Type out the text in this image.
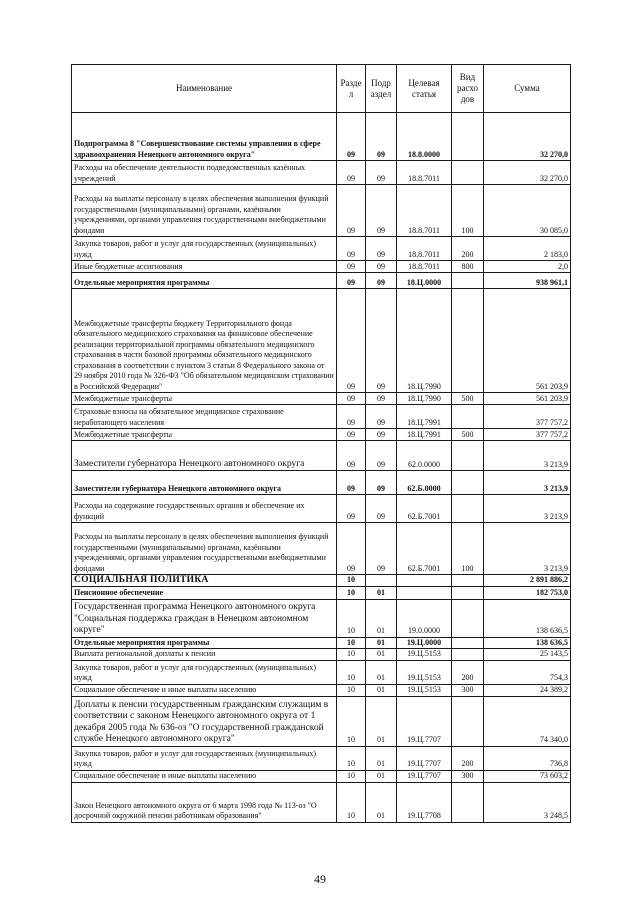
Наименование	Разде л	Подр аздел	Целевая статья	Вид расхо дов	Сумма
Подпрограмма 8 "Совершенствование системы управления в сфере здравоохранения Ненецкого автономного округа"	09	09	18.8.0000		32 270,0
Расходы на обеспечение деятельности подведомственных казённых учреждений	09	09	18.8.7011		32 270,0
Расходы на выплаты персоналу в целях обеспечения выполнения функций государственными (муниципальными) органами, казёнными учреждениями, органами управления государственными внебюджетными фондами	09	09	18.8.7011	100	30 085,0
Закупка товаров, работ и услуг для государственных (муниципальных) нужд	09	09	18.8.7011	200	2 183,0
Иные бюджетные ассигнования	09	09	18.8.7011	800	2,0
Отдельные мероприятия программы	09	09	18.Ц.0000		938 961,1
Межбюджетные трансферты бюджету Территориального фонда обязательного медицинского страхования на финансовое обеспечение реализации территориальной программы обязательного медицинского страхования в части базовой программы обязательного медицинского страхования в соответствии с пунктом 3 статьи 8 Федерального закона от 29 ноября 2010 года № 326-ФЗ "Об обязательном медицинском страховании в Российской Федерации"	09	09	18.Ц.7990		561 203,9
Межбюджетные трансферты	09	09	18.Ц.7990	500	561 203,9
Страховые взносы на обязательное медицинское страхование неработающего населения	09	09	18.Ц.7991		377 757,2
Межбюджетные трансферты	09	09	18.Ц.7991	500	377 757,2
Заместители губернатора Ненецкого автономного округа	09	09	62.0.0000		3 213,9
Заместители губернатора Ненецкого автономного округа	09	09	62.Б.0000		3 213,9
Расходы на содержание государственных органов и обеспечение их функций	09	09	62.Б.7001		3 213,9
Расходы на выплаты персоналу в целях обеспечения выполнения функций государственными (муниципальными) органами, казёнными учреждениями, органами управления государственными внебюджетными фондами	09	09	62.Б.7001	100	3 213,9
СОЦИАЛЬНАЯ ПОЛИТИКА	10				2 891 886,2
Пенсионное обеспечение	10	01			182 753,0
Государственная программа Ненецкого автономного округа "Социальная поддержка граждан в Ненецком автономном округе"	10	01	19.0.0000		138 636,5
Отдельные мероприятия программы	10	01	19.Ц.0000		138 636,5
Выплата региональной доплаты к пенсии	10	01	19.Ц.5153		25 143,5
Закупка товаров, работ и услуг для государственных (муниципальных) нужд	10	01	19.Ц.5153	200	754,3
Социальное обеспечение и иные выплаты населению	10	01	19.Ц.5153	300	24 389,2
Доплаты к пенсии государственным гражданским служащим в соответствии с законом Ненецкого автономного округа от 1 декабря 2005 года № 636-оз "О государственной гражданской службе Ненецкого автономного округа"	10	01	19.Ц.7707		74 340,0
Закупка товаров, работ и услуг для государственных (муниципальных) нужд	10	01	19.Ц.7707	200	736,8
Социальное обеспечение и иные выплаты населению	10	01	19.Ц.7707	300	73 603,2
Закон Ненецкого автономного округа от 6 марта 1998 года № 113-оз "О досрочной окружной пенсии работникам образования"	10	01	19.Ц.7708		3 248,5
49
